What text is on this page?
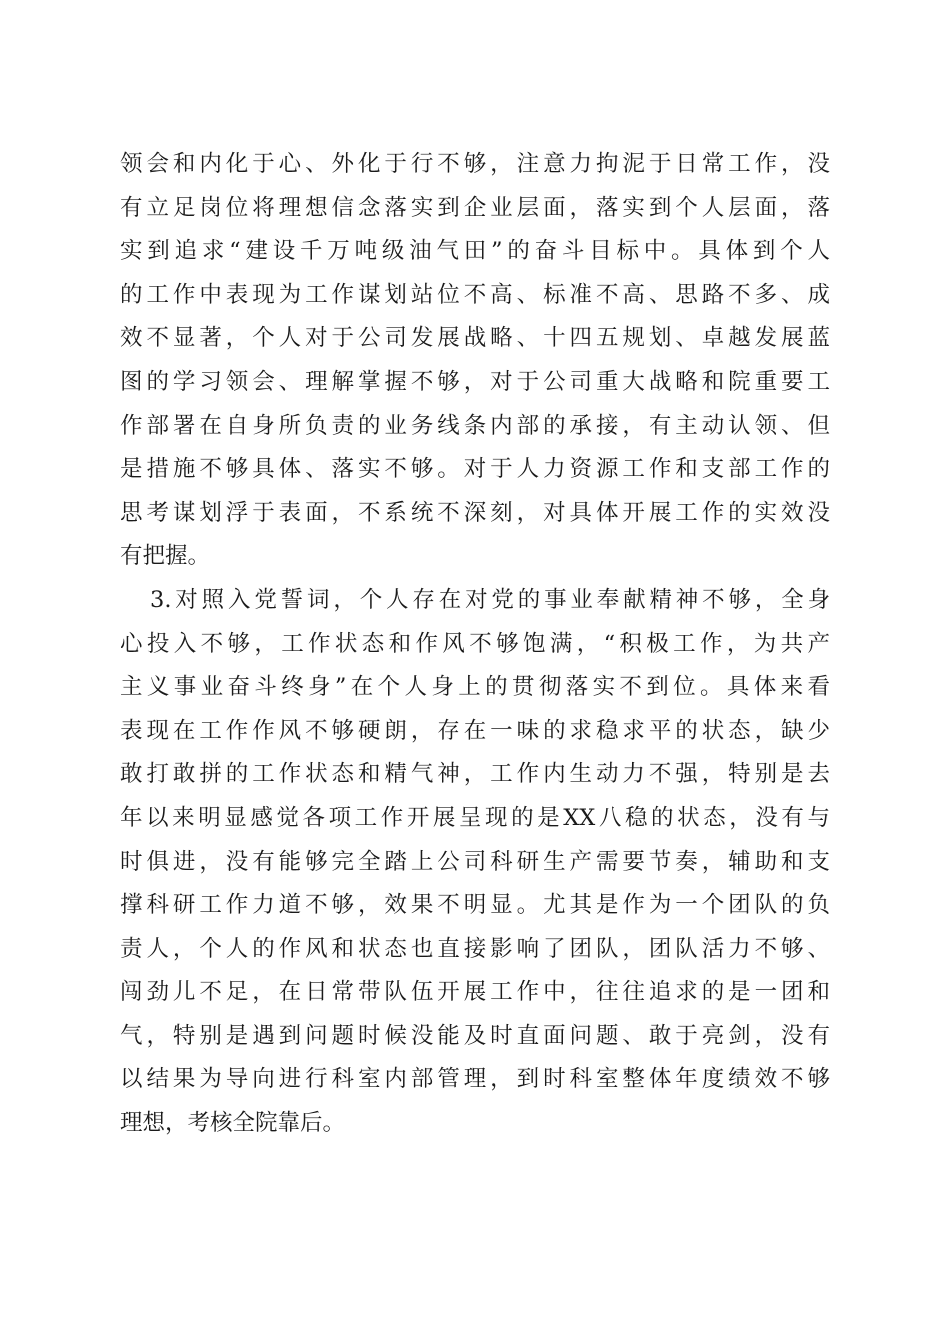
领会和内化于心、外化于行不够，注意力拘泥于日常工作，没
有立足岗位将理想信念落实到企业层面，落实到个人层面，落
实到追求“建设千万吨级油气田”的奋斗目标中。具体到个人
的工作中表现为工作谋划站位不高、标准不高、思路不多、成
效不显著，个人对于公司发展战略、十四五规划、卓越发展蓝
图的学习领会、理解掌握不够，对于公司重大战略和院重要工
作部署在自身所负责的业务线条内部的承接，有主动认领、但
是措施不够具体、落实不够。对于人力资源工作和支部工作的
思考谋划浮于表面，不系统不深刻，对具体开展工作的实效没
有把握。
3.对照入党誓词，个人存在对党的事业奉献精神不够，全身
心投入不够，工作状态和作风不够饱满，“积极工作，为共产
主义事业奋斗终身”在个人身上的贯彻落实不到位。具体来看
表现在工作作风不够硬朗，存在一味的求稳求平的状态，缺少
敢打敢拼的工作状态和精气神，工作内生动力不强，特别是去
年以来明显感觉各项工作开展呈现的是XX八稳的状态，没有与
时俱进，没有能够完全踏上公司科研生产需要节奏，辅助和支
撑科研工作力道不够，效果不明显。尤其是作为一个团队的负
责人，个人的作风和状态也直接影响了团队，团队活力不够、
闯劲儿不足，在日常带队伍开展工作中，往往追求的是一团和
气，特别是遇到问题时候没能及时直面问题、敢于亮剑，没有
以结果为导向进行科室内部管理，到时科室整体年度绩效不够
理想，考核全院靠后。
